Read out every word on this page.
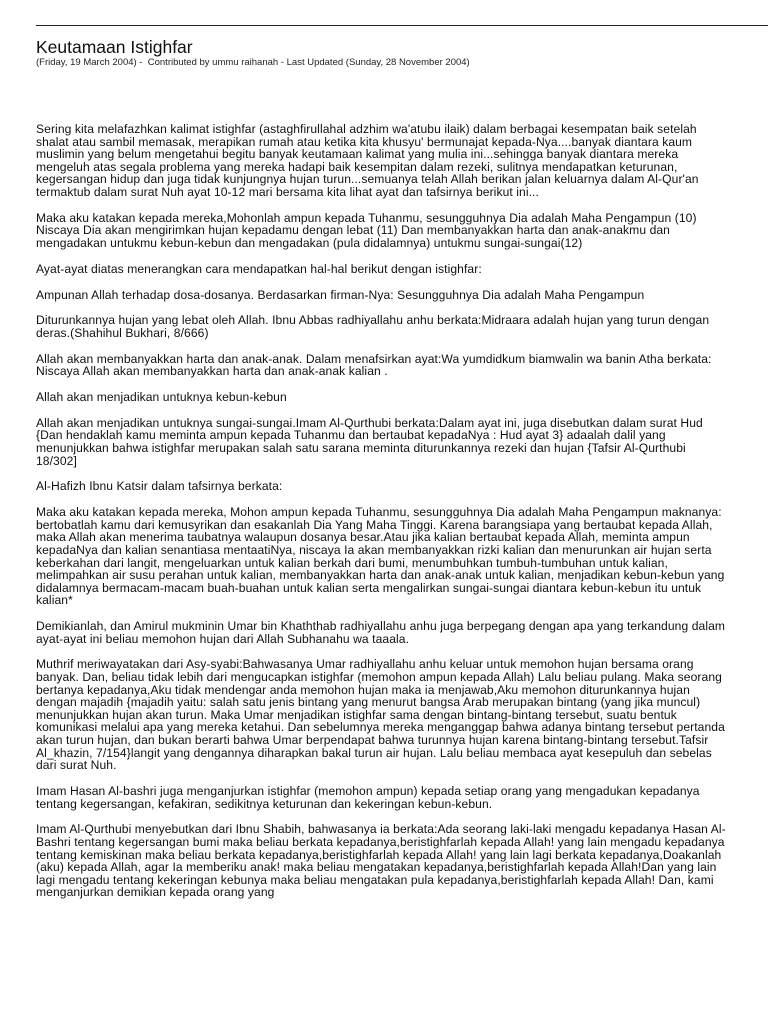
Keutamaan Istighfar

(Friday, 19 March 2004) -  Contributed by ummu raihanah - Last Updated (Sunday, 28 November 2004)

Sering kita melafazhkan kalimat istighfar (astaghfirullahal adzhim wa'atubu ilaik) dalam berbagai kesempatan baik setelah shalat atau sambil memasak, merapikan rumah atau ketika kita khusyu' bermunajat kepada-Nya....banyak diantara kaum muslimin yang belum mengetahui begitu banyak keutamaan kalimat yang mulia ini...sehingga banyak diantara mereka mengeluh atas segala problema yang mereka hadapi baik kesempitan dalam rezeki, sulitnya mendapatkan keturunan, kegersangan hidup dan juga tidak kunjungnya hujan turun...semuanya telah Allah berikan jalan keluarnya dalam Al-Qur'an termaktub dalam surat Nuh ayat 10-12 mari bersama kita lihat ayat dan tafsirnya berikut ini...

Maka aku katakan kepada mereka,Mohonlah ampun kepada Tuhanmu, sesungguhnya Dia adalah Maha Pengampun (10) Niscaya Dia akan mengirimkan hujan kepadamu dengan lebat (11) Dan membanyakkan harta dan anak-anakmu dan mengadakan untukmu kebun-kebun dan mengadakan (pula didalamnya) untukmu sungai-sungai(12)

Ayat-ayat diatas menerangkan cara mendapatkan hal-hal berikut dengan istighfar:

Ampunan Allah terhadap dosa-dosanya. Berdasarkan firman-Nya: Sesungguhnya Dia adalah Maha Pengampun

Diturunkannya hujan yang lebat oleh Allah. Ibnu Abbas radhiyallahu anhu berkata:Midraara adalah hujan yang turun dengan deras.(Shahihul Bukhari, 8/666)

Allah akan membanyakkan harta dan anak-anak. Dalam menafsirkan ayat:Wa yumdidkum biamwalin wa banin Atha berkata: Niscaya Allah akan membanyakkan harta dan anak-anak kalian .

Allah akan menjadikan untuknya kebun-kebun

Allah akan menjadikan untuknya sungai-sungai.Imam Al-Qurthubi berkata:Dalam ayat ini, juga disebutkan dalam surat Hud {Dan hendaklah kamu meminta ampun kepada Tuhanmu dan bertaubat kepadaNya : Hud ayat 3} adaalah dalil yang menunjukkan bahwa istighfar merupakan salah satu sarana meminta diturunkannya rezeki dan hujan {Tafsir Al-Qurthubi 18/302]

Al-Hafizh Ibnu Katsir dalam tafsirnya berkata:

Maka aku katakan kepada mereka, Mohon ampun kepada Tuhanmu, sesungguhnya Dia adalah Maha Pengampun maknanya: bertobatlah kamu dari kemusyrikan dan esakanlah Dia Yang Maha Tinggi. Karena barangsiapa yang bertaubat kepada Allah, maka Allah akan menerima taubatnya walaupun dosanya besar.Atau jika kalian bertaubat kepada Allah, meminta ampun kepadaNya dan kalian senantiasa mentaatiNya, niscaya Ia akan membanyakkan rizki kalian dan menurunkan air hujan serta keberkahan dari langit, mengeluarkan untuk kalian berkah dari bumi, menumbuhkan tumbuh-tumbuhan untuk kalian, melimpahkan air susu perahan untuk kalian, membanyakkan harta dan anak-anak untuk kalian, menjadikan kebun-kebun yang didalamnya bermacam-macam buah-buahan untuk kalian serta mengalirkan sungai-sungai diantara kebun-kebun itu untuk kalian*

Demikianlah, dan Amirul mukminin Umar bin Khaththab radhiyallahu anhu juga berpegang dengan apa yang terkandung dalam ayat-ayat ini beliau memohon hujan dari Allah Subhanahu wa taaala.

Muthrif meriwayatakan dari Asy-syabi:Bahwasanya Umar radhiyallahu anhu keluar untuk memohon hujan bersama orang banyak. Dan, beliau tidak lebih dari mengucapkan istighfar (memohon ampun kepada Allah) Lalu beliau pulang. Maka seorang bertanya kepadanya,Aku tidak mendengar anda memohon hujan maka ia menjawab,Aku memohon diturunkannya hujan dengan majadih {majadih yaitu: salah satu jenis bintang yang menurut bangsa Arab merupakan bintang (yang jika muncul) menunjukkan hujan akan turun. Maka Umar menjadikan istighfar sama dengan bintang-bintang tersebut, suatu bentuk komunikasi melalui apa yang mereka ketahui. Dan sebelumnya mereka menganggap bahwa adanya bintang tersebut pertanda akan turun hujan, dan bukan berarti bahwa Umar berpendapat bahwa turunnya hujan karena bintang-bintang tersebut.Tafsir Al_khazin, 7/154}langit yang dengannya diharapkan bakal turun air hujan. Lalu beliau membaca ayat kesepuluh dan sebelas dari surat Nuh.

Imam Hasan Al-bashri juga menganjurkan istighfar (memohon ampun) kepada setiap orang yang mengadukan kepadanya tentang kegersangan, kefakiran, sedikitnya keturunan dan kekeringan kebun-kebun.

Imam Al-Qurthubi menyebutkan dari Ibnu Shabih, bahwasanya ia berkata:Ada seorang laki-laki mengadu kepadanya Hasan Al-Bashri tentang kegersangan bumi maka beliau berkata kepadanya,beristighfarlah kepada Allah! yang lain mengadu kepadanya tentang kemiskinan maka beliau berkata kepadanya,beristighfarlah kepada Allah! yang lain lagi berkata kepadanya,Doakanlah (aku) kepada Allah, agar Ia memberiku anak! maka beliau mengatakan kepadanya,beristighfarlah kepada Allah!Dan yang lain lagi mengadu tentang kekeringan kebunya maka beliau mengatakan pula kepadanya,beristighfarlah kepada Allah! Dan, kami menganjurkan demikian kepada orang yang
